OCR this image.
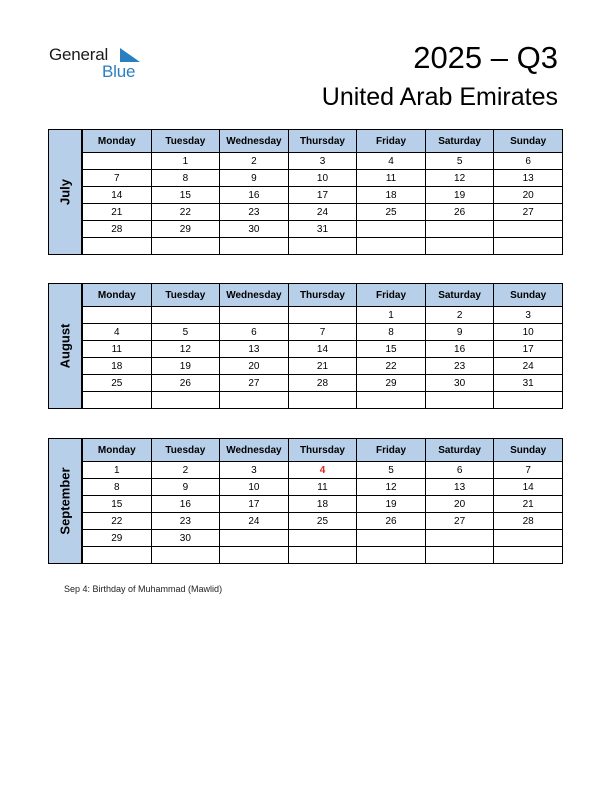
General
Blue	2025 – Q3
United Arab Emirates
July
Monday	Tuesday	Wednesday	Thursday	Friday	Saturday	Sunday
	1	2	3	4	5	6
7	8	9	10	11	12	13
14	15	16	17	18	19	20
21	22	23	24	25	26	27
28	29	30	31			

August
Monday	Tuesday	Wednesday	Thursday	Friday	Saturday	Sunday
				1	2	3
4	5	6	7	8	9	10
11	12	13	14	15	16	17
18	19	20	21	22	23	24
25	26	27	28	29	30	31

September
Monday	Tuesday	Wednesday	Thursday	Friday	Saturday	Sunday
1	2	3	4	5	6	7
8	9	10	11	12	13	14
15	16	17	18	19	20	21
22	23	24	25	26	27	28
29	30					

Sep 4: Birthday of Muhammad (Mawlid)
